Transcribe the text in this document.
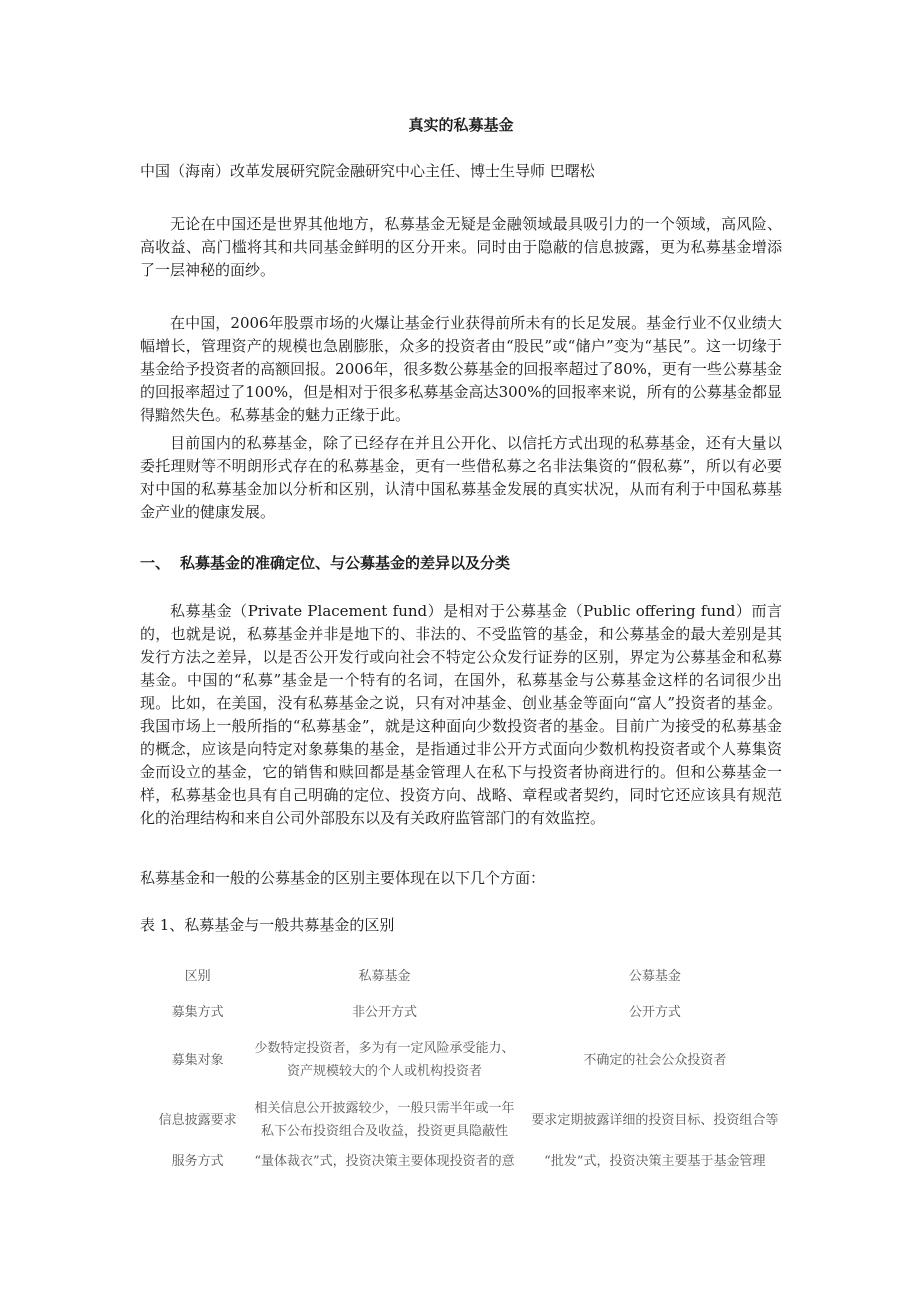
真实的私募基金
中国（海南）改革发展研究院金融研究中心主任、博士生导师 巴曙松

无论在中国还是世界其他地方，私募基金无疑是金融领域最具吸引力的一个领域，高风险、高收益、高门槛将其和共同基金鲜明的区分开来。同时由于隐蔽的信息披露，更为私募基金增添了一层神秘的面纱。

在中国，2006年股票市场的火爆让基金行业获得前所未有的长足发展。基金行业不仅业绩大幅增长，管理资产的规模也急剧膨胀，众多的投资者由“股民”或“储户”变为“基民”。这一切缘于基金给予投资者的高额回报。2006年，很多数公募基金的回报率超过了80%，更有一些公募基金的回报率超过了100%，但是相对于很多私募基金高达300%的回报率来说，所有的公募基金都显得黯然失色。私募基金的魅力正缘于此。

目前国内的私募基金，除了已经存在并且公开化、以信托方式出现的私募基金，还有大量以委托理财等不明朗形式存在的私募基金，更有一些借私募之名非法集资的“假私募”，所以有必要对中国的私募基金加以分析和区别，认清中国私募基金发展的真实状况，从而有利于中国私募基金产业的健康发展。

一、 私募基金的准确定位、与公募基金的差异以及分类

私募基金（Private Placement fund）是相对于公募基金（Public offering fund）而言的，也就是说，私募基金并非是地下的、非法的、不受监管的基金，和公募基金的最大差别是其发行方法之差异，以是否公开发行或向社会不特定公众发行证券的区别，界定为公募基金和私募基金。中国的“私募”基金是一个特有的名词，在国外，私募基金与公募基金这样的名词很少出现。比如，在美国，没有私募基金之说，只有对冲基金、创业基金等面向“富人”投资者的基金。我国市场上一般所指的“私募基金”，就是这种面向少数投资者的基金。目前广为接受的私募基金的概念，应该是向特定对象募集的基金，是指通过非公开方式面向少数机构投资者或个人募集资金而设立的基金，它的销售和赎回都是基金管理人在私下与投资者协商进行的。但和公募基金一样，私募基金也具有自己明确的定位、投资方向、战略、章程或者契约，同时它还应该具有规范化的治理结构和来自公司外部股东以及有关政府监管部门的有效监控。

私募基金和一般的公募基金的区别主要体现在以下几个方面：

表 1、私募基金与一般共募基金的区别
区别	私募基金	公募基金
募集方式	非公开方式	公开方式
募集对象	少数特定投资者，多为有一定风险承受能力、资产规模较大的个人或机构投资者	不确定的社会公众投资者
信息披露要求	相关信息公开披露较少，一般只需半年或一年私下公布投资组合及收益，投资更具隐蔽性	要求定期披露详细的投资目标、投资组合等
服务方式	“量体裁衣”式，投资决策主要体现投资者的意	“批发”式，投资决策主要基于基金管理
